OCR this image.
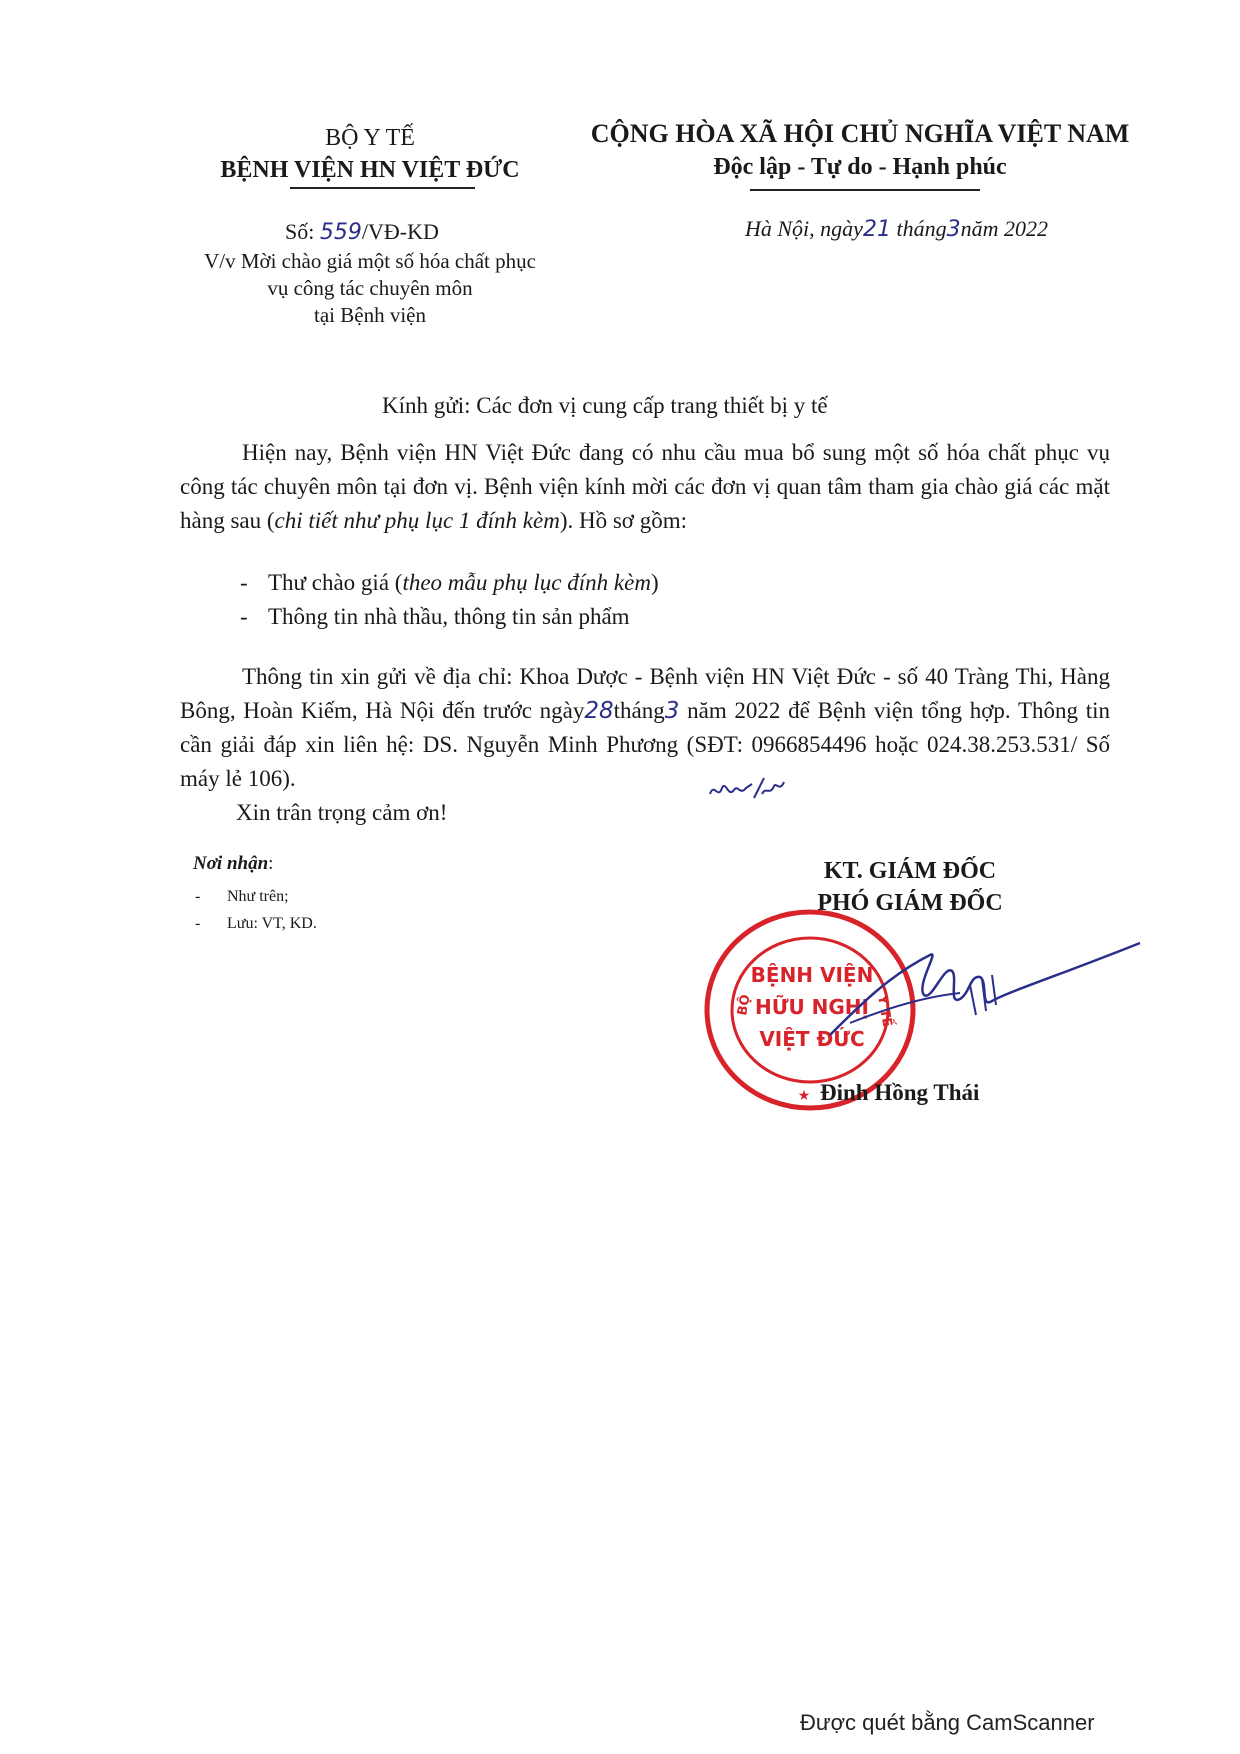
BỘ Y TẾ
BỆNH VIỆN HN VIỆT ĐỨC
CỘNG HÒA XÃ HỘI CHỦ NGHĨA VIỆT NAM
Độc lập - Tự do - Hạnh phúc
Số: 559/VĐ-KD
V/v Mời chào giá một số hóa chất phục
vụ công tác chuyên môn
tại Bệnh viện
Hà Nội, ngày21 tháng3năm 2022
Kính gửi: Các đơn vị cung cấp trang thiết bị y tế
Hiện nay, Bệnh viện HN Việt Đức đang có nhu cầu mua bổ sung một số hóa chất phục vụ công tác chuyên môn tại đơn vị. Bệnh viện kính mời các đơn vị quan tâm tham gia chào giá các mặt hàng sau (chi tiết như phụ lục 1 đính kèm). Hồ sơ gồm:
- Thư chào giá (theo mẫu phụ lục đính kèm)
- Thông tin nhà thầu, thông tin sản phẩm
Thông tin xin gửi về địa chỉ: Khoa Dược - Bệnh viện HN Việt Đức - số 40 Tràng Thi, Hàng Bông, Hoàn Kiếm, Hà Nội đến trước ngày28tháng3 năm 2022 để Bệnh viện tổng hợp. Thông tin cần giải đáp xin liên hệ: DS. Nguyễn Minh Phương (SĐT: 0966854496 hoặc 024.38.253.531/ Số máy lẻ 106).
Xin trân trọng cảm ơn!
Nơi nhận:
- Như trên;
- Lưu: VT, KD.
KT. GIÁM ĐỐC
PHÓ GIÁM ĐỐC
BỘ	Y TẾ
BỆNH VIỆN
HỮU NGHỊ
VIỆT ĐỨC
★ Đinh Hồng Thái
Được quét bằng CamScanner
